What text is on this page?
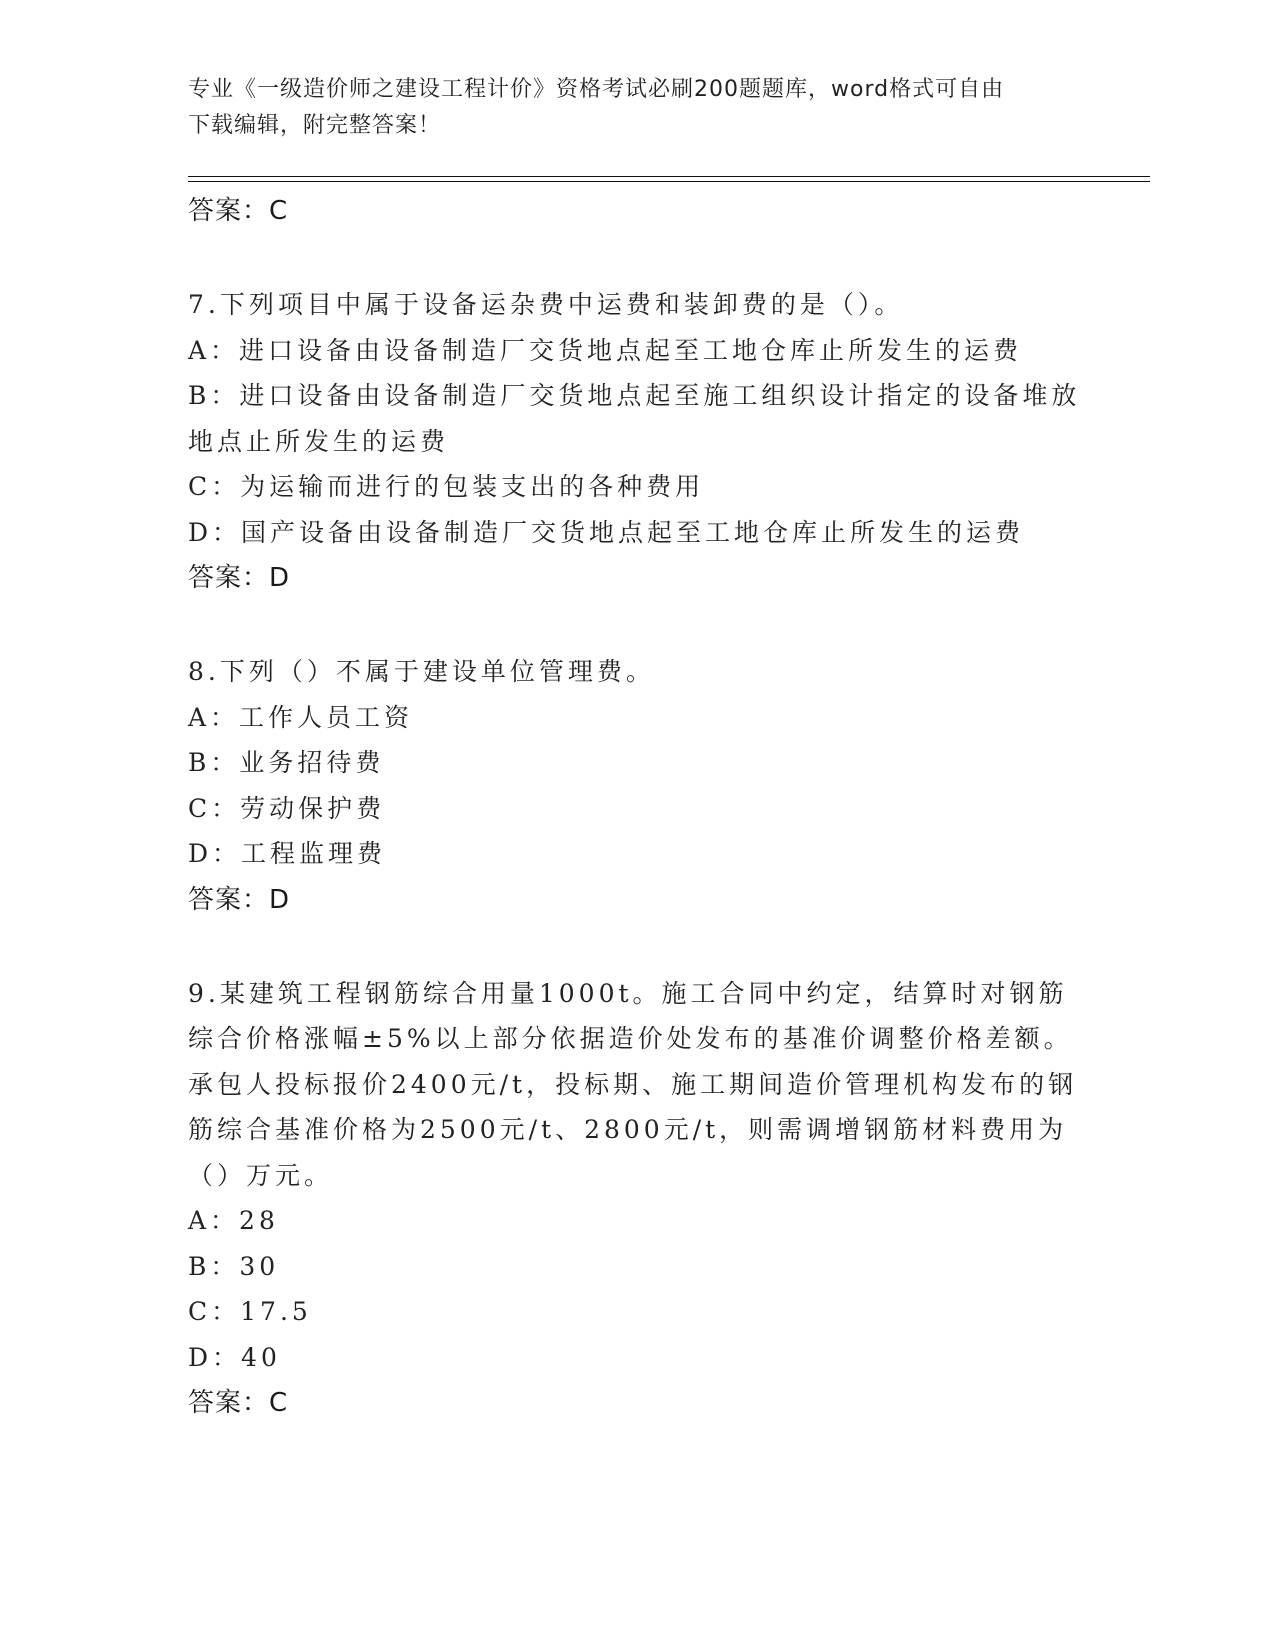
专业《一级造价师之建设工程计价》资格考试必刷200题题库，word格式可自由
下载编辑，附完整答案！
答案：C
7.下列项目中属于设备运杂费中运费和装卸费的是（）。
A：进口设备由设备制造厂交货地点起至工地仓库止所发生的运费
B：进口设备由设备制造厂交货地点起至施工组织设计指定的设备堆放地点止所发生的运费
C：为运输而进行的包装支出的各种费用
D：国产设备由设备制造厂交货地点起至工地仓库止所发生的运费
答案：D
8.下列（）不属于建设单位管理费。
A：工作人员工资
B：业务招待费
C：劳动保护费
D：工程监理费
答案：D
9.某建筑工程钢筋综合用量1000t。施工合同中约定，结算时对钢筋综合价格涨幅±5%以上部分依据造价处发布的基准价调整价格差额。承包人投标报价2400元/t，投标期、施工期间造价管理机构发布的钢筋综合基准价格为2500元/t、2800元/t，则需调增钢筋材料费用为（）万元。
A：28
B：30
C：17.5
D：40
答案：C
